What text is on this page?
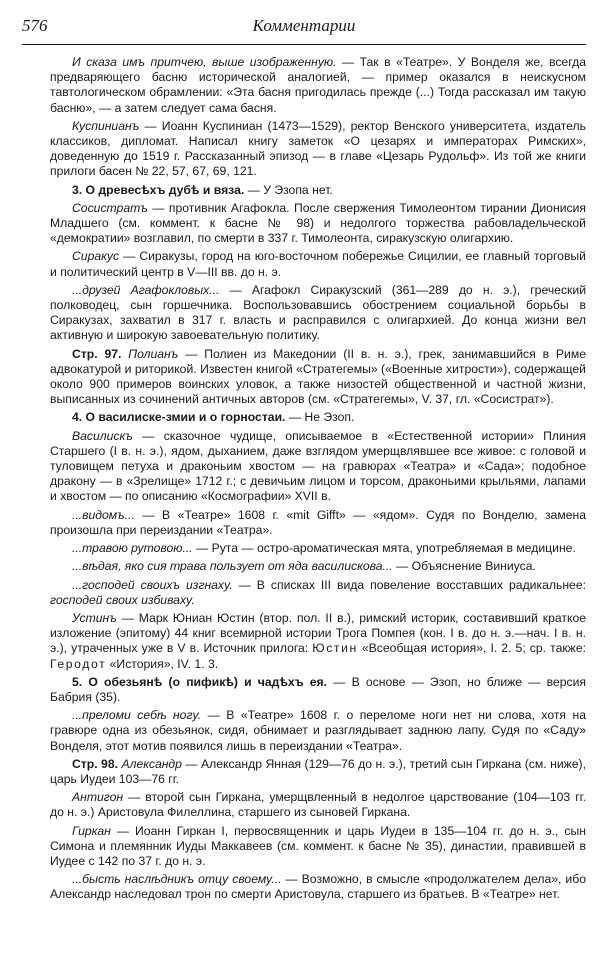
576	Комментарии

И сказа имъ притчею, выше изображенную. — Так в «Театре». У Вонделя же, всегда предваряющего басню исторической аналогией, — пример оказался в неискусном тавтологическом обрамлении: «Эта басня пригодилась прежде (...) Тогда рассказал им такую басню», — а затем следует сама басня.

Куспинианъ — Иоанн Куспиниан (1473—1529), ректор Венского университета, издатель классиков, дипломат. Написал книгу заметок «О цезарях и императорах Римских», доведенную до 1519 г. Рассказанный эпизод — в главе «Цезарь Рудольф». Из той же книги прилоги басен № 22, 57, 67, 69, 121.

3. О древесѣхъ дубѣ и вяза. — У Эзопа нет.

Сосистратъ — противник Агафокла. После свержения Тимолеонтом тирании Дионисия Младшего (см. коммент. к басне № 98) и недолгого торжества рабовладельческой «демократии» возглавил, по смерти в 337 г. Тимолеонта, сиракузскую олигархию.

Сиракус — Сиракузы, город на юго-восточном побережье Сицилии, ее главный торговый и политический центр в V—III вв. до н. э.

...друзей Агафокловых... — Агафокл Сиракузский (361—289 до н. э.), греческий полководец, сын горшечника. Воспользовавшись обострением социальной борьбы в Сиракузах, захватил в 317 г. власть и расправился с олигархией. До конца жизни вел активную и широкую завоевательную политику.

Стр. 97. Полианъ — Полиен из Македонии (II в. н. э.), грек, занимавшийся в Риме адвокатурой и риторикой. Известен книгой «Стратегемы» («Военные хитрости»), содержащей около 900 примеров воинских уловок, а также низостей общественной и частной жизни, выписанных из сочинений античных авторов (см. «Стратегемы», V. 37, гл. «Сосистрат»).

4. О василиске-змии и о горностаи. — Не Эзоп.

Василискъ — сказочное чудище, описываемое в «Естественной истории» Плиния Старшего (I в. н. э.), ядом, дыханием, даже взглядом умерщвлявшее все живое: с головой и туловищем петуха и драконьим хвостом — на гравюрах «Театра» и «Сада»; подобное дракону — в «Зрелище» 1712 г.; с девичьим лицом и торсом, драконьими крыльями, лапами и хвостом — по описанию «Космографии» XVII в.

...видомъ... — В «Театре» 1608 г. «mit Gifft» — «ядом». Судя по Вонделю, замена произошла при переиздании «Театра».

...травою рутовою... — Рута — остро-ароматическая мята, употребляемая в медицине.

...вѣдая, яко сия трава пользует от яда василискова... — Объяснение Виниуса.

...господей своихъ изгнаху. — В списках III вида повеление восставших радикальнее: господей своих избиваху.

Устинъ — Марк Юниан Юстин (втор. пол. II в.), римский историк, составивший краткое изложение (эпитому) 44 книг всемирной истории Трога Помпея (кон. I в. до н. э.—нач. I в. н. э.), утраченных уже в V в. Источник прилога: Юстин «Всеобщая история», I. 2. 5; ср. также: Геродот «История», IV. 1. 3.

5. О обезьянѣ (о пификѣ) и чадѣхъ ея. — В основе — Эзоп, но ближе — версия Бабрия (35).

...преломи себѣ ногу. — В «Театре» 1608 г. о переломе ноги нет ни слова, хотя на гравюре одна из обезьянок, сидя, обнимает и разглядывает заднюю лапу. Судя по «Саду» Вонделя, этот мотив появился лишь в переиздании «Театра».

Стр. 98. Александр — Александр Янная (129—76 до н. э.), третий сын Гиркана (см. ниже), царь Иудеи 103—76 гг.

Антигон — второй сын Гиркана, умерщвленный в недолгое царствование (104—103 гг. до н. э.) Аристовула Филеллина, старшего из сыновей Гиркана.

Гиркан — Иоанн Гиркан I, первосвященник и царь Иудеи в 135—104 гг. до н. э., сын Симона и племянник Иуды Маккавеев (см. коммент. к басне № 35), династии, правившей в Иудее с 142 по 37 г. до н. э.

...бысть наслѣдникъ отцу своему... — Возможно, в смысле «продолжателем дела», ибо Александр наследовал трон по смерти Аристовула, старшего из братьев. В «Театре» нет.
